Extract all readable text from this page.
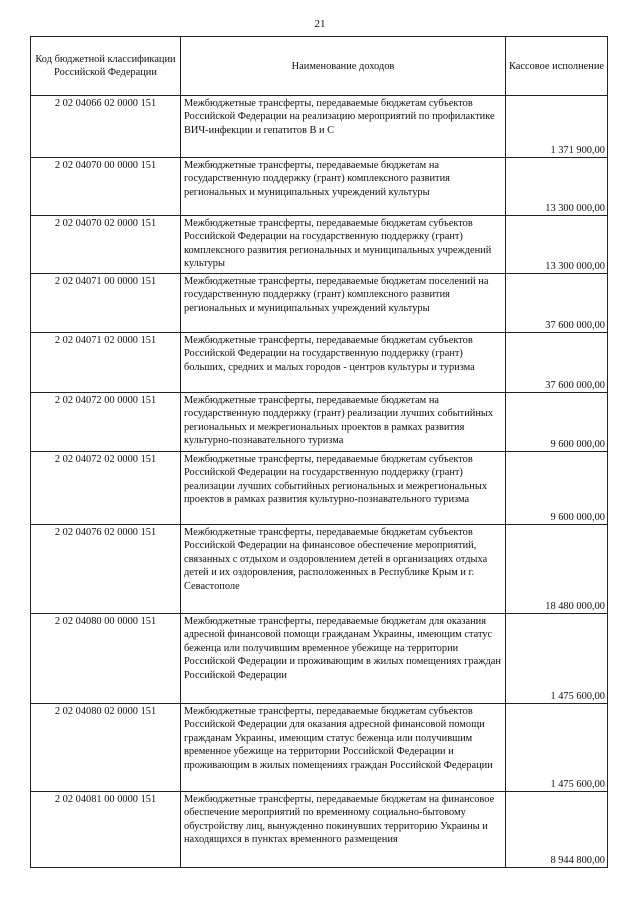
21
Код бюджетной классификации Российской Федерации	Наименование доходов	Кассовое исполнение
2 02 04066 02 0000 151	Межбюджетные трансферты, передаваемые бюджетам субъектов Российской Федерации на реализацию мероприятий по профилактике ВИЧ-инфекции и гепатитов В и С	1 371 900,00
2 02 04070 00 0000 151	Межбюджетные трансферты, передаваемые бюджетам на государственную поддержку (грант) комплексного развития региональных и муниципальных учреждений культуры	13 300 000,00
2 02 04070 02 0000 151	Межбюджетные трансферты, передаваемые бюджетам субъектов Российской Федерации на государственную поддержку (грант) комплексного развития региональных и муниципальных учреждений культуры	13 300 000,00
2 02 04071 00 0000 151	Межбюджетные трансферты, передаваемые бюджетам поселений на государственную поддержку (грант) комплексного развития региональных и муниципальных учреждений культуры	37 600 000,00
2 02 04071 02 0000 151	Межбюджетные трансферты, передаваемые бюджетам субъектов Российской Федерации на государственную поддержку (грант) больших, средних и малых городов - центров культуры и туризма	37 600 000,00
2 02 04072 00 0000 151	Межбюджетные трансферты, передаваемые бюджетам на государственную поддержку (грант) реализации лучших событийных региональных и межрегиональных проектов в рамках развития культурно-познавательного туризма	9 600 000,00
2 02 04072 02 0000 151	Межбюджетные трансферты, передаваемые бюджетам субъектов Российской Федерации на государственную поддержку (грант) реализации лучших событийных региональных и межрегиональных проектов в рамках развития культурно-познавательного туризма	9 600 000,00
2 02 04076 02 0000 151	Межбюджетные трансферты, передаваемые бюджетам субъектов Российской Федерации на финансовое обеспечение мероприятий, связанных с отдыхом и оздоровлением детей в организациях отдыха детей и их оздоровления, расположенных в Республике Крым и г. Севастополе	18 480 000,00
2 02 04080 00 0000 151	Межбюджетные трансферты, передаваемые бюджетам для оказания адресной финансовой помощи гражданам Украины, имеющим статус беженца или получившим временное убежище на территории Российской Федерации и проживающим в жилых помещениях граждан Российской Федерации	1 475 600,00
2 02 04080 02 0000 151	Межбюджетные трансферты, передаваемые бюджетам субъектов Российской Федерации для оказания адресной финансовой помощи гражданам Украины, имеющим статус беженца или получившим временное убежище на территории Российской Федерации и проживающим в жилых помещениях граждан Российской Федерации	1 475 600,00
2 02 04081 00 0000 151	Межбюджетные трансферты, передаваемые бюджетам на финансовое обеспечение мероприятий по временному социально-бытовому обустройству лиц, вынужденно покинувших территорию Украины и находящихся в пунктах временного размещения	8 944 800,00
